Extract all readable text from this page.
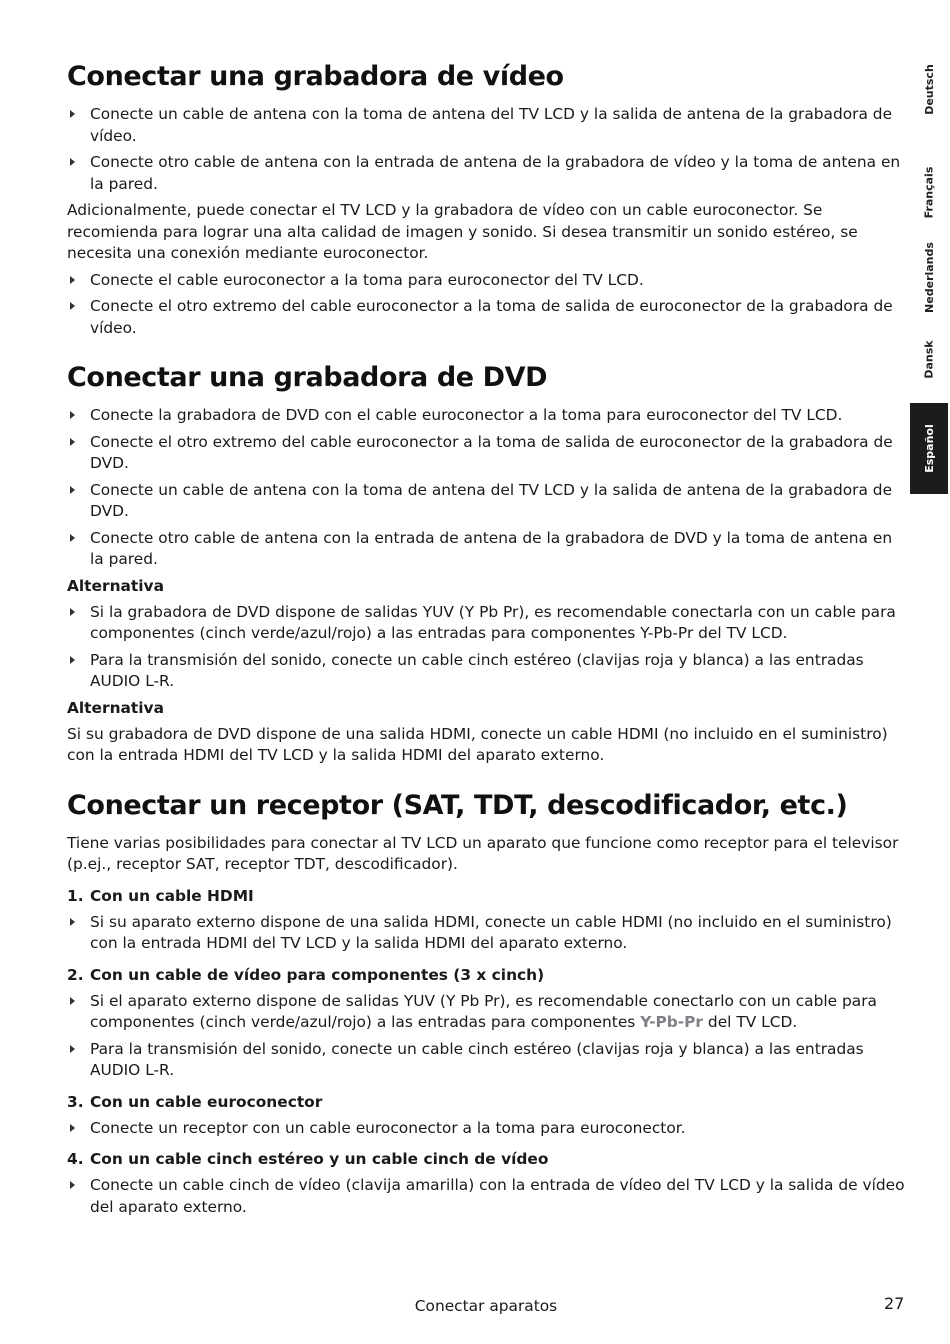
Conectar una grabadora de vídeo
Conecte un cable de antena con la toma de antena del TV LCD y la salida de antena de la grabadora de vídeo.
Conecte otro cable de antena con la entrada de antena de la grabadora de vídeo y la toma de antena en la pared.

Adicionalmente, puede conectar el TV LCD y la grabadora de vídeo con un cable euroconector. Se recomienda para lograr una alta calidad de imagen y sonido. Si desea transmitir un sonido estéreo, se necesita una conexión mediante euroconector.

Conecte el cable euroconector a la toma para euroconector del TV LCD.
Conecte el otro extremo del cable euroconector a la toma de salida de euroconector de la grabadora de vídeo.
Conectar una grabadora de DVD
Conecte la grabadora de DVD con el cable euroconector a la toma para euroconector del TV LCD.
Conecte el otro extremo del cable euroconector a la toma de salida de euroconector de la grabadora de DVD.
Conecte un cable de antena con la toma de antena del TV LCD y la salida de antena de la grabadora de DVD.
Conecte otro cable de antena con la entrada de antena de la grabadora de DVD y la toma de antena en la pared.
Alternativa
Si la grabadora de DVD dispone de salidas YUV (Y Pb Pr), es recomendable conectarla con un cable para componentes (cinch verde/azul/rojo) a las entradas para componentes Y-Pb-Pr del TV LCD.
Para la transmisión del sonido, conecte un cable cinch estéreo (clavijas roja y blanca) a las entradas AUDIO L-R.
Alternativa

Si su grabadora de DVD dispone de una salida HDMI, conecte un cable HDMI (no incluido en el suministro) con la entrada HDMI del TV LCD y la salida HDMI del aparato externo.

Conectar un receptor (SAT, TDT, descodificador, etc.)

Tiene varias posibilidades para conectar al TV LCD un aparato que funcione como receptor para el televisor (p.ej., receptor SAT, receptor TDT, descodificador).

1. Con un cable HDMI
Si su aparato externo dispone de una salida HDMI, conecte un cable HDMI (no incluido en el suministro) con la entrada HDMI del TV LCD y la salida HDMI del aparato externo.
2. Con un cable de vídeo para componentes (3 x cinch)
Si el aparato externo dispone de salidas YUV (Y Pb Pr), es recomendable conectarlo con un cable para componentes (cinch verde/azul/rojo) a las entradas para componentes Y-Pb-Pr del TV LCD.
Para la transmisión del sonido, conecte un cable cinch estéreo (clavijas roja y blanca) a las entradas AUDIO L-R.
3. Con un cable euroconector
Conecte un receptor con un cable euroconector a la toma para euroconector.
4. Con un cable cinch estéreo y un cable cinch de vídeo
Conecte un cable cinch de vídeo (clavija amarilla) con la entrada de vídeo del TV LCD y la salida de vídeo del aparato externo.
Deutsch
Français
Nederlands
Dansk
Español
Conectar aparatos	27
